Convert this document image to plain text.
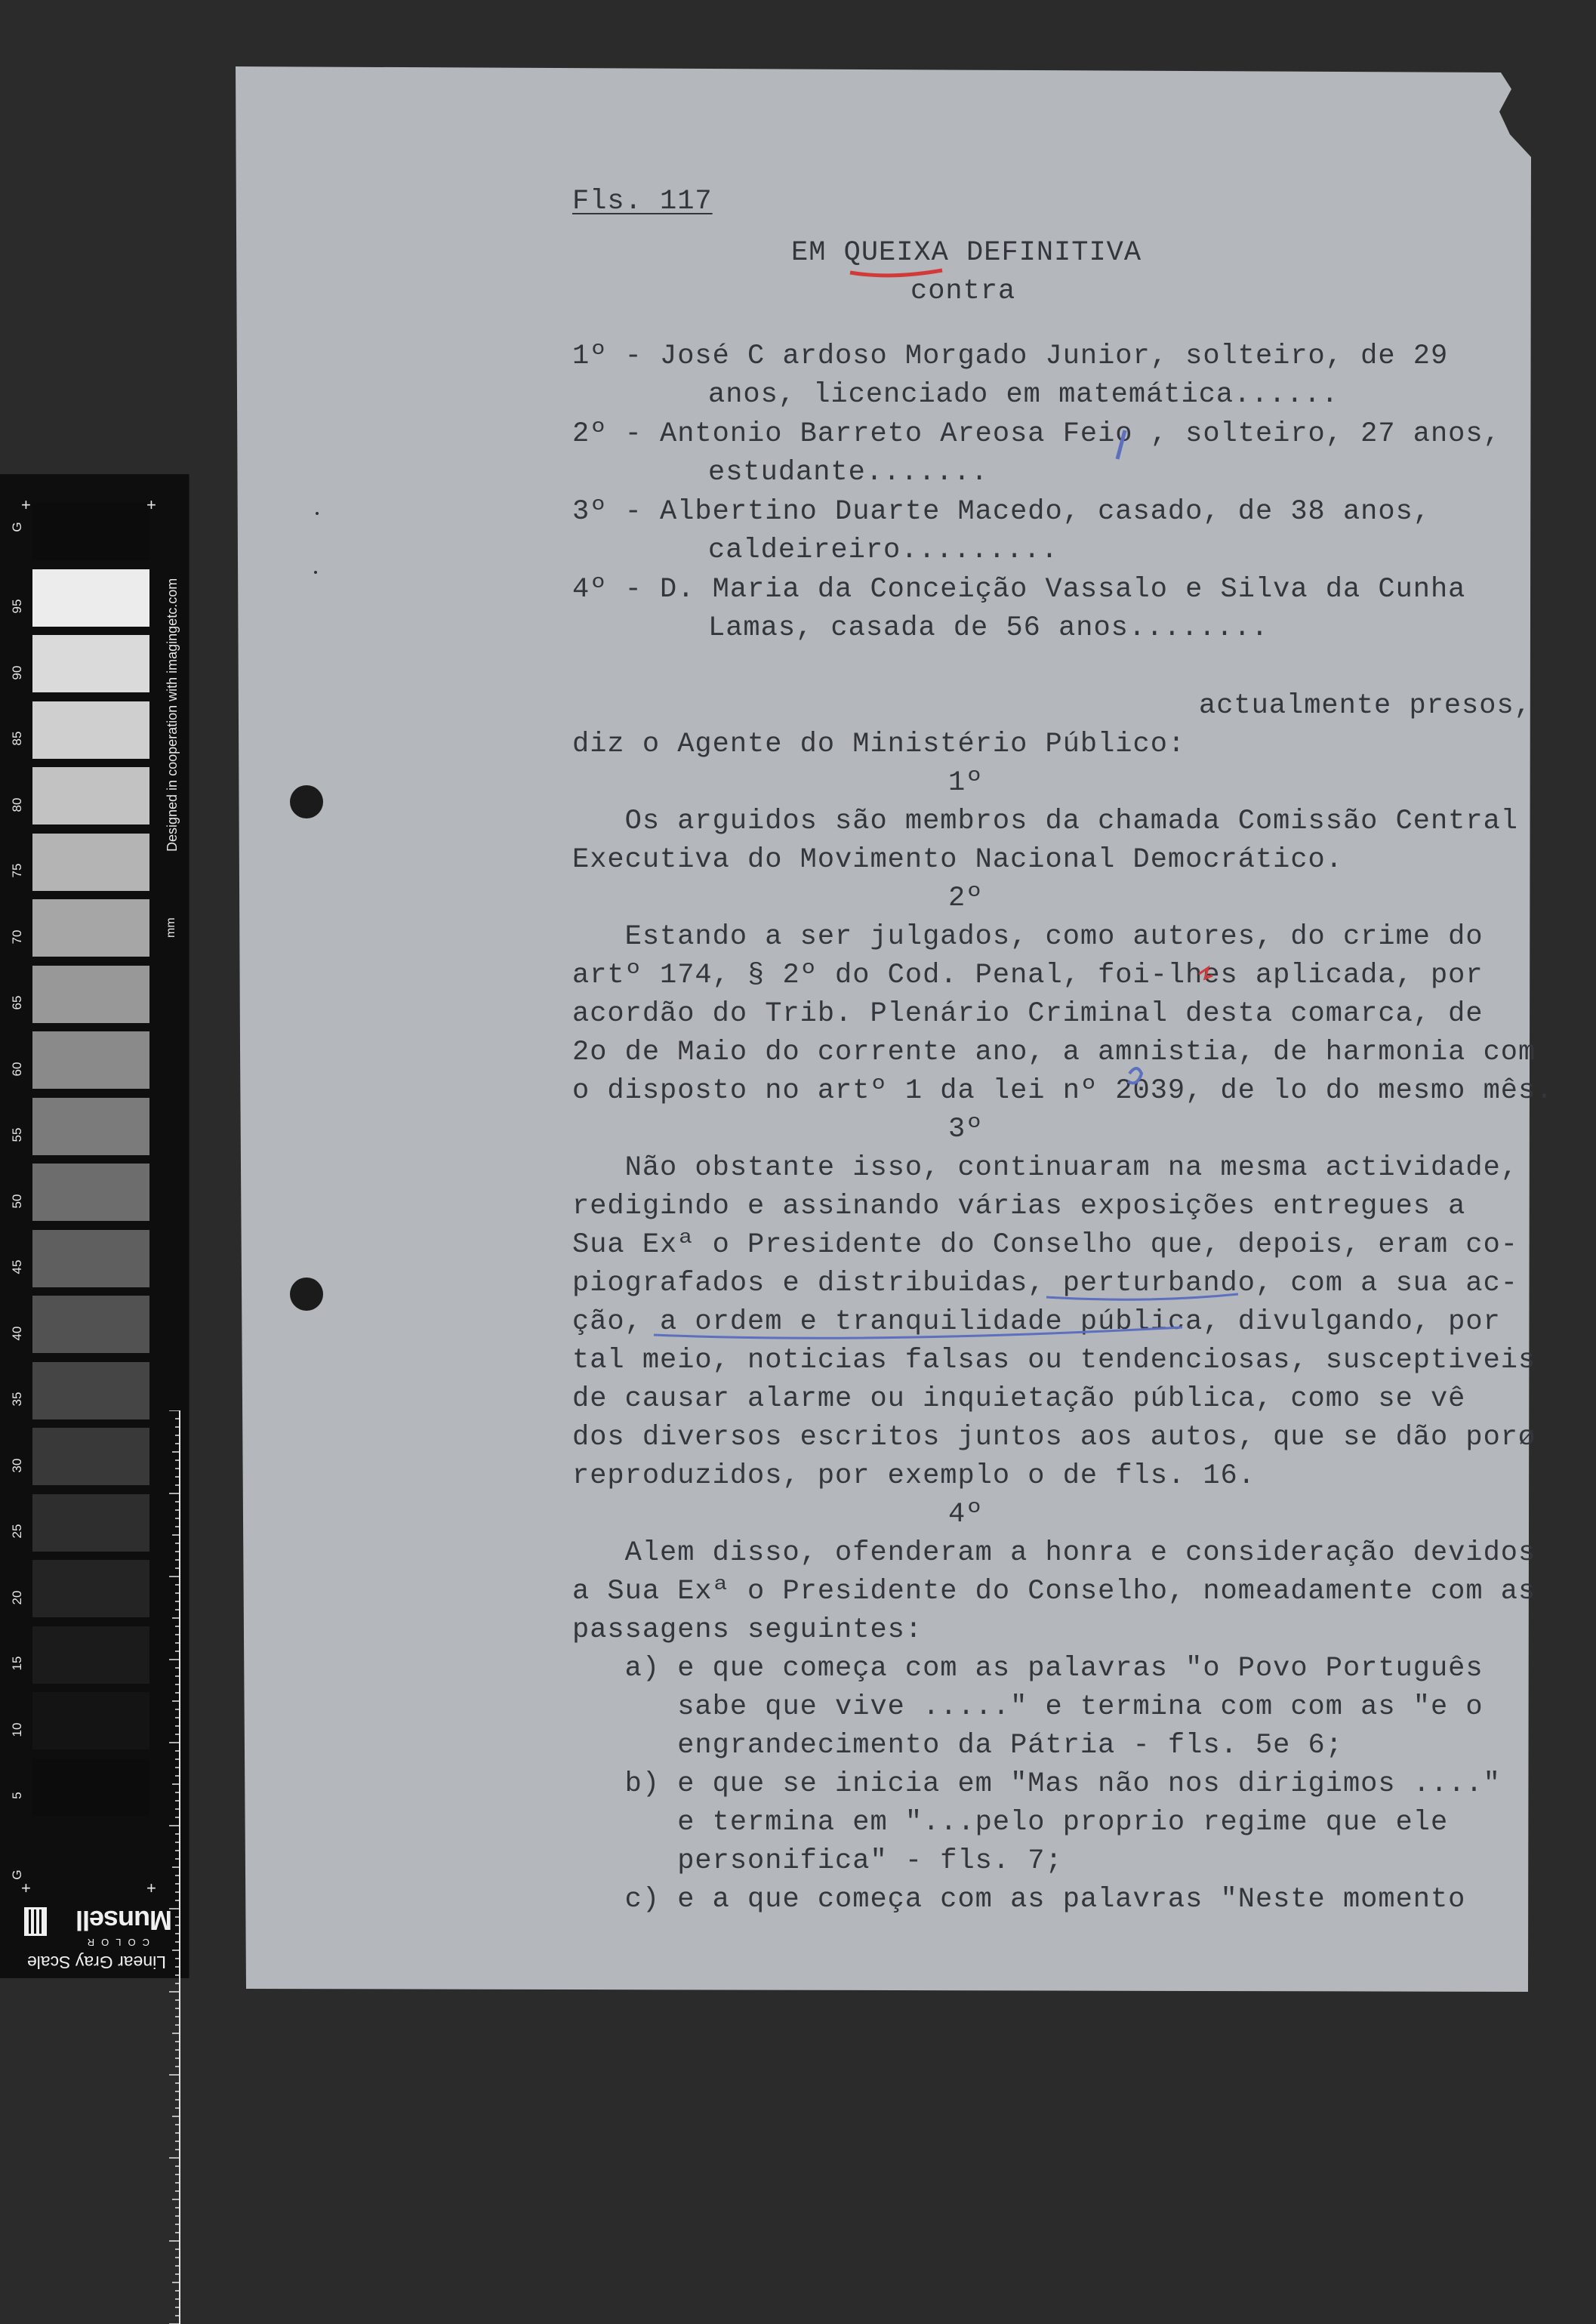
+	+
+	+
G
G
95
90
85
80
75
70
65
60
55
50
45
40
35
30
25
20
15
10
5
Designed in cooperation with imagingetc.com
mm
Munsell
COLOR
Linear Gray Scale
Fls. 117
EM QUEIXA DEFINITIVA
contra
1º - José C ardoso Morgado Junior, solteiro, de 29
anos, licenciado em matemática......
2º - Antonio Barreto Areosa Feio , solteiro, 27 anos,
estudante.......
3º - Albertino Duarte Macedo, casado, de 38 anos,
caldeireiro.........
4º - D. Maria da Conceição Vassalo e Silva da Cunha
Lamas, casada de 56 anos........
actualmente presos,
diz o Agente do Ministério Público:
1º
Os arguidos são membros da chamada Comissão Central
Executiva do Movimento Nacional Democrático.
2º
Estando a ser julgados, como autores, do crime do
artº 174, § 2º do Cod. Penal, foi-lhes aplicada, por
acordão do Trib. Plenário Criminal desta comarca, de
2o de Maio do corrente ano, a amnistia, de harmonia com
o disposto no artº 1 da lei nº 2039, de lo do mesmo mês.
3º
Não obstante isso, continuaram na mesma actividade,
redigindo e assinando várias exposições entregues a
Sua Exª o Presidente do Conselho que, depois, eram co-
piografados e distribuidas, perturbando, com a sua ac-
ção, a ordem e tranquilidade pública, divulgando, por
tal meio, noticias falsas ou tendenciosas, susceptiveis
de causar alarme ou inquietação pública, como se vê
dos diversos escritos juntos aos autos, que se dão porø
reproduzidos, por exemplo o de fls. 16.
4º
Alem disso, ofenderam a honra e consideração devidos
a Sua Exª o Presidente do Conselho, nomeadamente com as
passagens seguintes:
a) e que começa com as palavras "o Povo Português
sabe que vive ....." e termina com com as "e o
engrandecimento da Pátria - fls. 5e 6;
b) e que se inicia em "Mas não nos dirigimos ...."
e termina em "...pelo proprio regime que ele
personifica" - fls. 7;
c) e a que começa com as palavras "Neste momento
